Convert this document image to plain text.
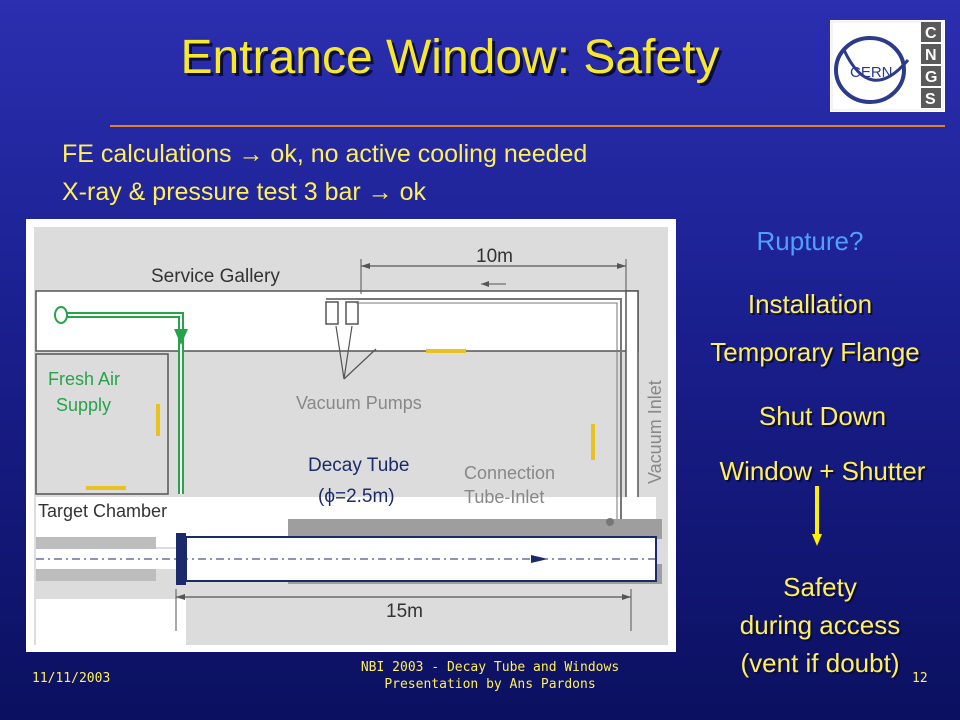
Entrance Window: Safety	CERN
C
N
G
S
FE calculations → ok, no active cooling needed
X-ray & pressure test 3 bar → ok
Service Gallery
10m
Fresh Air
Supply	Vacuum Pumps
Decay Tube
(ϕ=2.5m)
Connection
Tube-Inlet
Target Chamber
15m
Vacuum Inlet
Rupture?
Installation
Temporary Flange
Shut Down
Window + Shutter
Safety
during access
(vent if doubt)
11/11/2003
NBI 2003 - Decay Tube and Windows
Presentation by Ans Pardons	12
